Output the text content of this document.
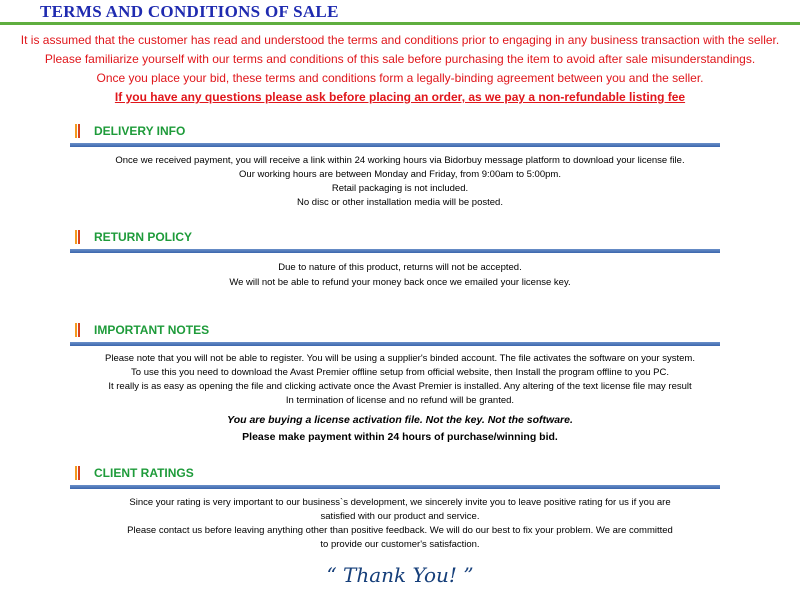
TERMS AND CONDITIONS OF SALE
It is assumed that the customer has read and understood the terms and conditions prior to engaging in any business transaction with the seller.
Please familiarize yourself with our terms and conditions of this sale before purchasing the item to avoid after sale misunderstandings.
Once you place your bid, these terms and conditions form a legally-binding agreement between you and the seller.
If you have any questions please ask before placing an order, as we pay a non-refundable listing fee
DELIVERY INFO
Once we received payment, you will receive a link within 24 working hours via Bidorbuy message platform to download your license file.
Our working hours are between Monday and Friday, from 9:00am to 5:00pm.
Retail packaging is not included.
No disc or other installation media will be posted.
RETURN POLICY
Due to nature of this product, returns will not be accepted.
We will not be able to refund your money back once we emailed your license key.
IMPORTANT NOTES
Please note that you will not be able to register. You will be using a supplier's binded account. The file activates the software on your system.
To use this you need to download the Avast Premier offline setup from official website, then Install the program offline to you PC.
It really is as easy as opening the file and clicking activate once the Avast Premier is installed. Any altering of the text license file may result
In termination of license and no refund will be granted.
You are buying a license activation file. Not the key. Not the software.
Please make payment within 24 hours of purchase/winning bid.
CLIENT RATINGS
Since your rating is very important to our business`s development, we sincerely invite you to leave positive rating for us if you are
satisfied with our product and service.
Please contact us before leaving anything other than positive feedback. We will do our best to fix your problem. We are committed
to provide our customer's satisfaction.
“ Thank You! ”
